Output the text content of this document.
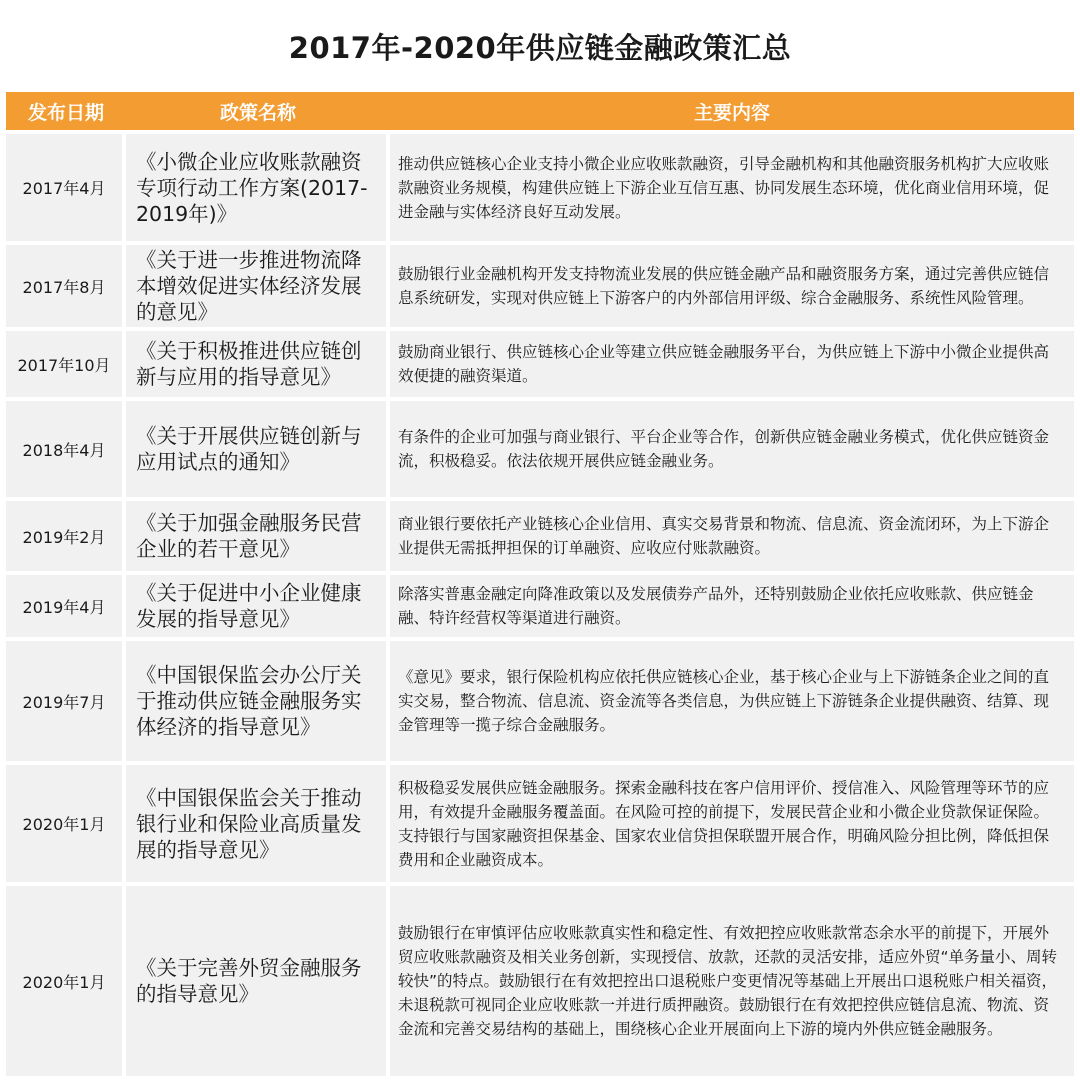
2017年-2020年供应链金融政策汇总
发布日期	政策名称	主要内容
2017年4月
《小微企业应收账款融资专项行动工作方案(2017-2019年)》
推动供应链核心企业支持小微企业应收账款融资，引导金融机构和其他融资服务机构扩大应收账款融资业务规模，构建供应链上下游企业互信互惠、协同发展生态环境，优化商业信用环境，促进金融与实体经济良好互动发展。
2017年8月
《关于进一步推进物流降本增效促进实体经济发展的意见》
鼓励银行业金融机构开发支持物流业发展的供应链金融产品和融资服务方案，通过完善供应链信息系统研发，实现对供应链上下游客户的内外部信用评级、综合金融服务、系统性风险管理。
2017年10月
《关于积极推进供应链创新与应用的指导意见》
鼓励商业银行、供应链核心企业等建立供应链金融服务平台，为供应链上下游中小微企业提供高效便捷的融资渠道。
2018年4月
《关于开展供应链创新与应用试点的通知》
有条件的企业可加强与商业银行、平台企业等合作，创新供应链金融业务模式，优化供应链资金流，积极稳妥。依法依规开展供应链金融业务。
2019年2月
《关于加强金融服务民营企业的若干意见》
商业银行要依托产业链核心企业信用、真实交易背景和物流、信息流、资金流闭环，为上下游企业提供无需抵押担保的订单融资、应收应付账款融资。
2019年4月
《关于促进中小企业健康发展的指导意见》
除落实普惠金融定向降准政策以及发展债券产品外，还特别鼓励企业依托应收账款、供应链金融、特许经营权等渠道进行融资。
2019年7月
《中国银保监会办公厅关于推动供应链金融服务实体经济的指导意见》
《意见》要求，银行保险机构应依托供应链核心企业，基于核心企业与上下游链条企业之间的直实交易，整合物流、信息流、资金流等各类信息，为供应链上下游链条企业提供融资、结算、现金管理等一揽子综合金融服务。
2020年1月
《中国银保监会关于推动银行业和保险业高质量发展的指导意见》
积极稳妥发展供应链金融服务。探索金融科技在客户信用评价、授信准入、风险管理等环节的应用，有效提升金融服务覆盖面。在风险可控的前提下，发展民营企业和小微企业贷款保证保险。支持银行与国家融资担保基金、国家农业信贷担保联盟开展合作，明确风险分担比例，降低担保费用和企业融资成本。
2020年1月
《关于完善外贸金融服务的指导意见》
鼓励银行在审慎评估应收账款真实性和稳定性、有效把控应收账款常态余水平的前提下，开展外贸应收账款融资及相关业务创新，实现授信、放款，还款的灵活安排，适应外贸“单务量小、周转较快”的特点。鼓励银行在有效把控出口退税账户变更情况等基础上开展出口退税账户相关福资，未退税款可视同企业应收账款一并进行质押融资。鼓励银行在有效把控供应链信息流、物流、资金流和完善交易结构的基础上，围绕核心企业开展面向上下游的境内外供应链金融服务。
